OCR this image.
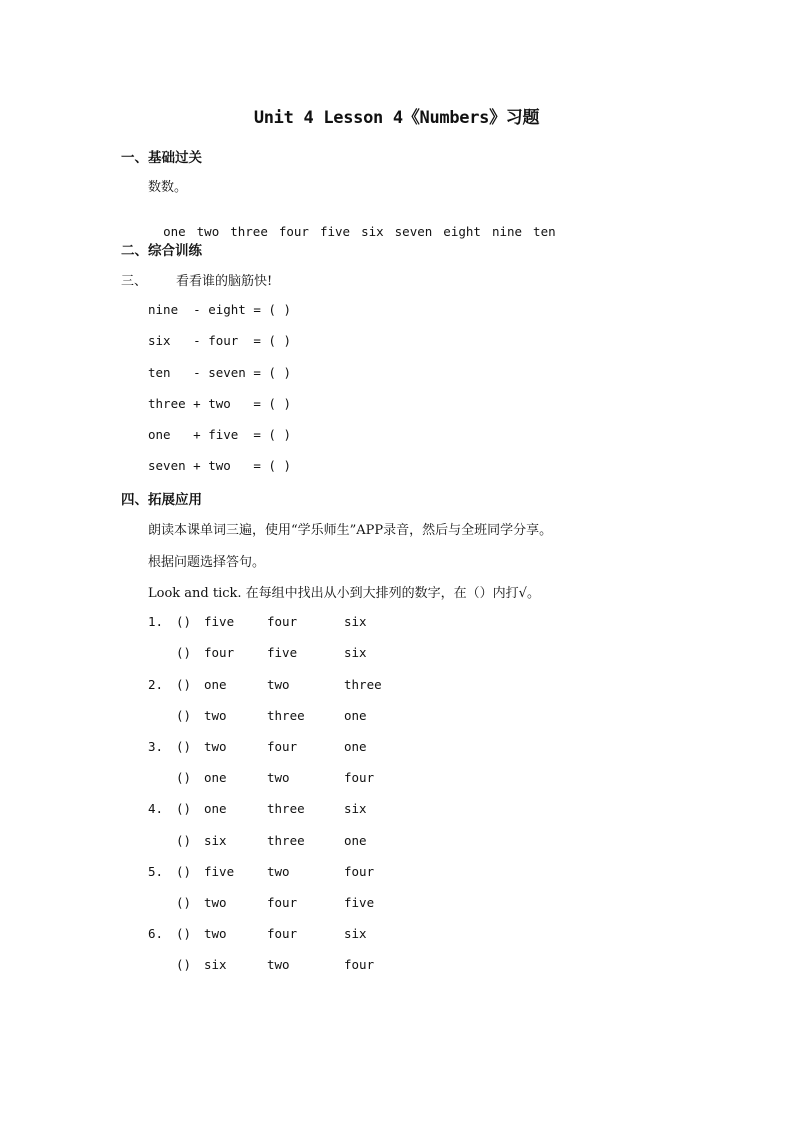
Unit 4 Lesson 4《Numbers》习题
一、基础过关
数数。

one two three four five six seven eight nine ten

二、综合训练
三、 看看谁的脑筋快!
nine  - eight = ( )
six   - four  = ( )
ten   - seven = ( )
three + two   = ( )
one   + five  = ( )
seven + two   = ( )
四、拓展应用
朗读本课单词三遍，使用“学乐师生”APP录音，然后与全班同学分享。
根据问题选择答句。
Look and tick. 在每组中找出从小到大排列的数字，在（）内打√。
1. () five	four	six
() four	five	six
2. () one	two	three
() two	three	one
3. () two	four	one
() one	two	four
4. () one	three	six
() six	three	one
5. () five	two	four
() two	four	five
6. () two	four	six
() six	two	four
